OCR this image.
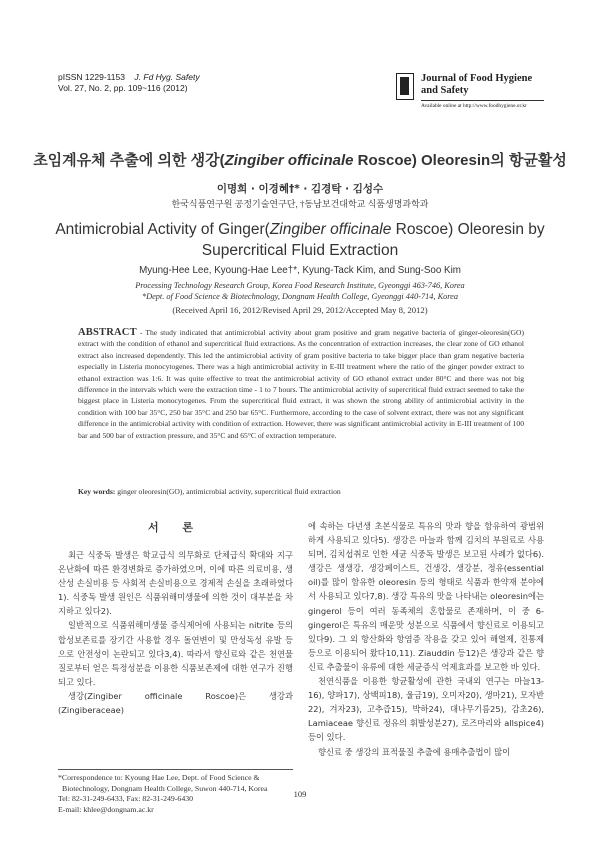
pISSN 1229-1153 J. Fd Hyg. Safety
Vol. 27, No. 2, pp. 109~116 (2012)
Journal of Food Hygiene
and Safety
Available online at http://www.foodhygiene.or.kr
초임계유체 추출에 의한 생강(Zingiber officinale Roscoe) Oleoresin의 항균활성
이명희 · 이경혜†* · 김경탁 · 김성수
한국식품연구원 공정기술연구단, †동남보건대학교 식품생명과학과
Antimicrobial Activity of Ginger(Zingiber officinale Roscoe) Oleoresin by
Supercritical Fluid Extraction
Myung-Hee Lee, Kyoung-Hae Lee†*, Kyung-Tack Kim, and Sung-Soo Kim
Processing Technology Research Group, Korea Food Research Institute, Gyeonggi 463-746, Korea
*Dept. of Food Science & Biotechnology, Dongnam Health College, Gyeonggi 440-714, Korea
(Received April 16, 2012/Revised April 29, 2012/Accepted May 8, 2012)
ABSTRACT - The study indicated that antimicrobial activity about gram positive and gram negative bacteria of ginger-oleoresin(GO) extract with the condition of ethanol and supercritical fluid extractions. As the concentration of extraction increases, the clear zone of GO ethanol extract also increased dependently. This led the antimicrobial activity of gram positive bacteria to take bigger place than gram negative bacteria especially in Listeria monocytogenes. There was a high antimicrobial activity in E-III treatment where the ratio of the ginger powder extract to ethanol extraction was 1:6. It was quite effective to treat the antimicrobial activity of GO ethanol extract under 80°C and there was not big difference in the intervals which were the extraction time - 1 to 7 hours. The antimicrobial activity of supercritical fluid extract seemed to take the biggest place in Listeria monocytogenes. From the supercritical fluid extract, it was shown the strong ability of antimicrobial activity in the condition with 100 bar 35°C, 250 bar 35°C and 250 bar 65°C. Furthermore, according to the case of solvent extract, there was not any significant difference in the antimicrobial activity with condition of extraction. However, there was significant antimicrobial activity in E-III treatment of 100 bar and 500 bar of extraction pressure, and 35°C and 65°C of extraction temperature.
Key words: ginger oleoresin(GO), antimicrobial activity, supercritical fluid extraction
서 론

최근 식중독 발생은 학교급식 의무화로 단체급식 확대와 지구온난화에 따른 환경변화로 증가하였으며, 이에 따른 의료비용, 생산성 손실비용 등 사회적 손실비용으로 경제적 손실을 초래하였다1). 식중독 발생 원인은 식품위해미생물에 의한 것이 대부분을 차지하고 있다2).

일반적으로 식품위해미생물 증식제어에 사용되는 nitrite 등의 합성보존료를 장기간 사용할 경우 돌연변이 및 만성독성 유발 등으로 안전성이 논란되고 있다3,4). 따라서 향신료와 같은 천연물질로부터 얻은 특정성분을 이용한 식품보존제에 대한 연구가 진행되고 있다.

생강(Zingiber officinale Roscoe)은 생강과(Zingiberaceae)

에 속하는 다년생 초본식물로 특유의 맛과 향을 함유하여 광범위하게 사용되고 있다5). 생강은 마늘과 함께 김치의 부원료로 사용되며, 김치섭취로 인한 세균 식중독 발생은 보고된 사례가 없다6). 생강은 생생강, 생강페이스트, 건생강, 생강분, 정유(essential oil)를 많이 함유한 oleoresin 등의 형태로 식품과 한약재 분야에서 사용되고 있다7,8). 생강 특유의 맛을 나타내는 oleoresin에는 gingerol 등이 여러 동족체의 혼합물로 존재하며, 이 중 6-gingerol은 특유의 매운맛 성분으로 식품에서 향신료로 이용되고 있다9). 그 외 항산화와 항염증 작용을 갖고 있어 해열제, 진통제 등으로 이용되어 왔다10,11). Ziauddin 등12)은 생강과 같은 향신료 추출물이 유류에 대한 세균증식 억제효과를 보고한 바 있다.

천연식품을 이용한 항균활성에 관한 국내외 연구는 마늘13-16), 양파17), 상백피18), 울금19), 오미자20), 생마21), 모자반22), 겨자23), 고추즙15), 박하24), 대나무기름25), 감초26), Lamiaceae 향신료 정유의 휘발성분27), 로즈마리와 allspice4) 등이 있다.

향신료 중 생강의 표적물질 추출에 용매추출법이 많이

*Correspondence to: Kyoung Hae Lee, Dept. of Food Science &
Biotechnology, Dongnam Health College, Suwon 440-714, Korea
Tel: 82-31-249-6433, Fax: 82-31-249-6430
E-mail: khlee@dongnam.ac.kr
109
